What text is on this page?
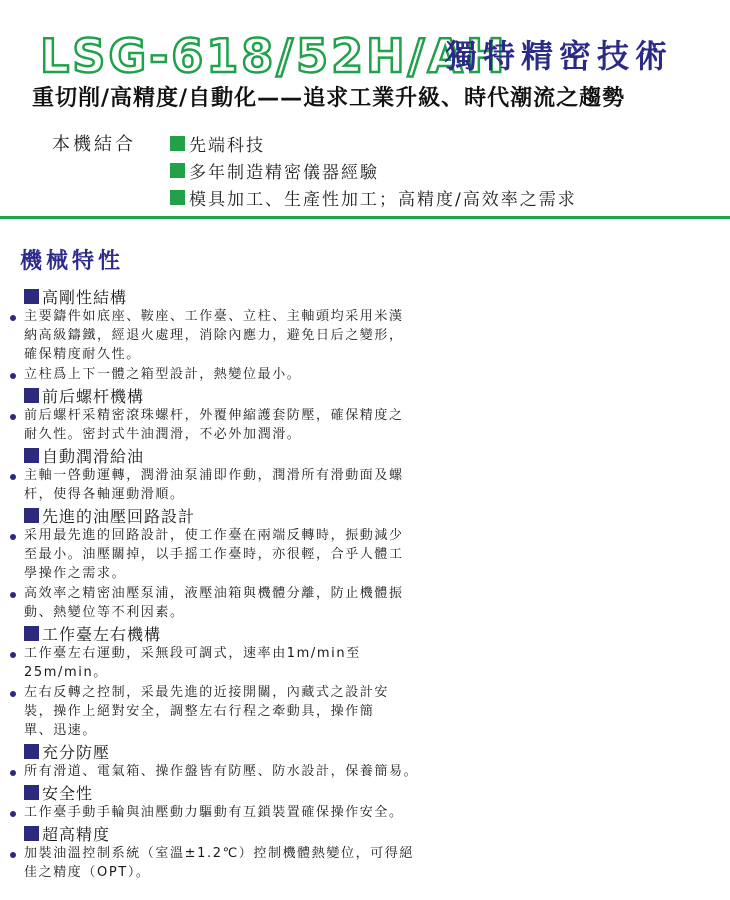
LSG-618/52H/AH
獨特精密技術
重切削/高精度/自動化——追求工業升級、時代潮流之趨勢
本機結合	先端科技
多年制造精密儀器經驗
模具加工、生產性加工；高精度/高效率之需求
機械特性
高剛性結構
主要鑄件如底座、鞍座、工作臺、立柱、主軸頭均采用米漢
納高級鑄鐵，經退火處理，消除內應力，避免日后之變形，
確保精度耐久性。
立柱爲上下一體之箱型設計，熱變位最小。
前后螺杆機構
前后螺杆采精密滾珠螺杆，外覆伸縮護套防壓，確保精度之
耐久性。密封式牛油潤滑，不必外加潤滑。
自動潤滑給油
主軸一啓動運轉，潤滑油泵浦即作動，潤滑所有滑動面及螺
杆，使得各軸運動滑順。
先進的油壓回路設計
采用最先進的回路設計，使工作臺在兩端反轉時，振動減少
至最小。油壓關掉，以手摇工作臺時，亦很輕，合乎人體工
學操作之需求。
高效率之精密油壓泵浦，液壓油箱與機體分離，防止機體振
動、熱變位等不利因素。
工作臺左右機構
工作臺左右運動，采無段可調式，速率由1m/min至
25m/min。
左右反轉之控制，采最先進的近接開關，內藏式之設計安
裝，操作上絕對安全，調整左右行程之牽動具，操作簡
單、迅速。
充分防壓
所有滑道、電氣箱、操作盤皆有防壓、防水設計，保養簡易。
安全性
工作臺手動手輪與油壓動力驅動有互鎖裝置確保操作安全。
超高精度
加裝油溫控制系統（室溫±1.2℃）控制機體熱變位，可得絕
佳之精度（OPT）。
